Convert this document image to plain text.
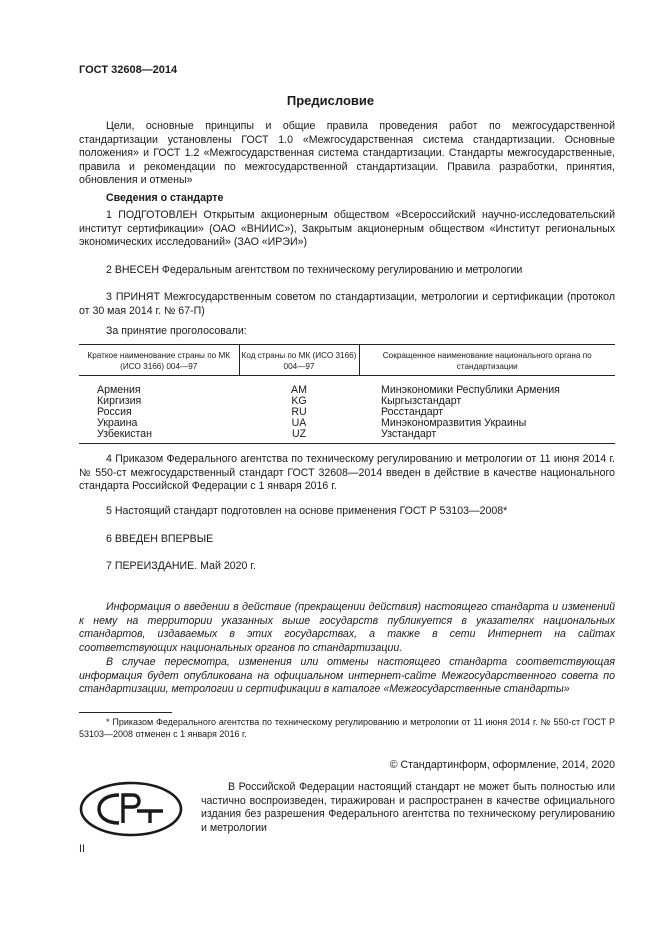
ГОСТ 32608—2014
Предисловие

Цели, основные принципы и общие правила проведения работ по межгосударственной стандартизации установлены ГОСТ 1.0 «Межгосударственная система стандартизации. Основные положения» и ГОСТ 1.2 «Межгосударственная система стандартизации. Стандарты межгосударственные, правила и рекомендации по межгосударственной стандартизации. Правила разработки, принятия, обновления и отмены»

Сведения о стандарте

1 ПОДГОТОВЛЕН Открытым акционерным обществом «Всероссийский научно-исследовательский институт сертификации» (ОАО «ВНИИС»), Закрытым акционерным обществом «Институт региональных экономических исследований» (ЗАО «ИРЭИ»)

2 ВНЕСЕН Федеральным агентством по техническому регулированию и метрологии

3 ПРИНЯТ Межгосударственным советом по стандартизации, метрологии и сертификации (протокол от 30 мая 2014 г. № 67-П)

За принятие проголосовали:

Краткое наименование страны по МК (ИСО 3166) 004—97	Код страны по МК (ИСО 3166) 004—97	Сокращенное наименование национального органа по стандартизации
Армения	AM	Минэкономики Республики Армения
Киргизия	KG	Кыргызстандарт
Россия	RU	Росстандарт
Украина	UA	Минэкономразвития Украины
Узбекистан	UZ	Узстандарт

4 Приказом Федерального агентства по техническому регулированию и метрологии от 11 июня 2014 г. № 550-ст межгосударственный стандарт ГОСТ 32608—2014 введен в действие в качестве национального стандарта Российской Федерации с 1 января 2016 г.

5 Настоящий стандарт подготовлен на основе применения ГОСТ Р 53103—2008*

6 ВВЕДЕН ВПЕРВЫЕ

7 ПЕРЕИЗДАНИЕ. Май 2020 г.

Информация о введении в действие (прекращении действия) настоящего стандарта и изменений к нему на территории указанных выше государств публикуется в указателях национальных стандартов, издаваемых в этих государствах, а также в сети Интернет на сайтах соответствующих национальных органов по стандартизации.

В случае пересмотра, изменения или отмены настоящего стандарта соответствующая информация будет опубликована на официальном интернет-сайте Межгосударственного совета по стандартизации, метрологии и сертификации в каталоге «Межгосударственные стандарты»

* Приказом Федерального агентства по техническому регулированию и метрологии от 11 июня 2014 г. № 550-ст ГОСТ Р 53103—2008 отменен с 1 января 2016 г.
© Стандартинформ, оформление, 2014, 2020
В Российской Федерации настоящий стандарт не может быть полностью или частично воспроизведен, тиражирован и распространен в качестве официального издания без разрешения Федерального агентства по техническому регулированию и метрологии
II
